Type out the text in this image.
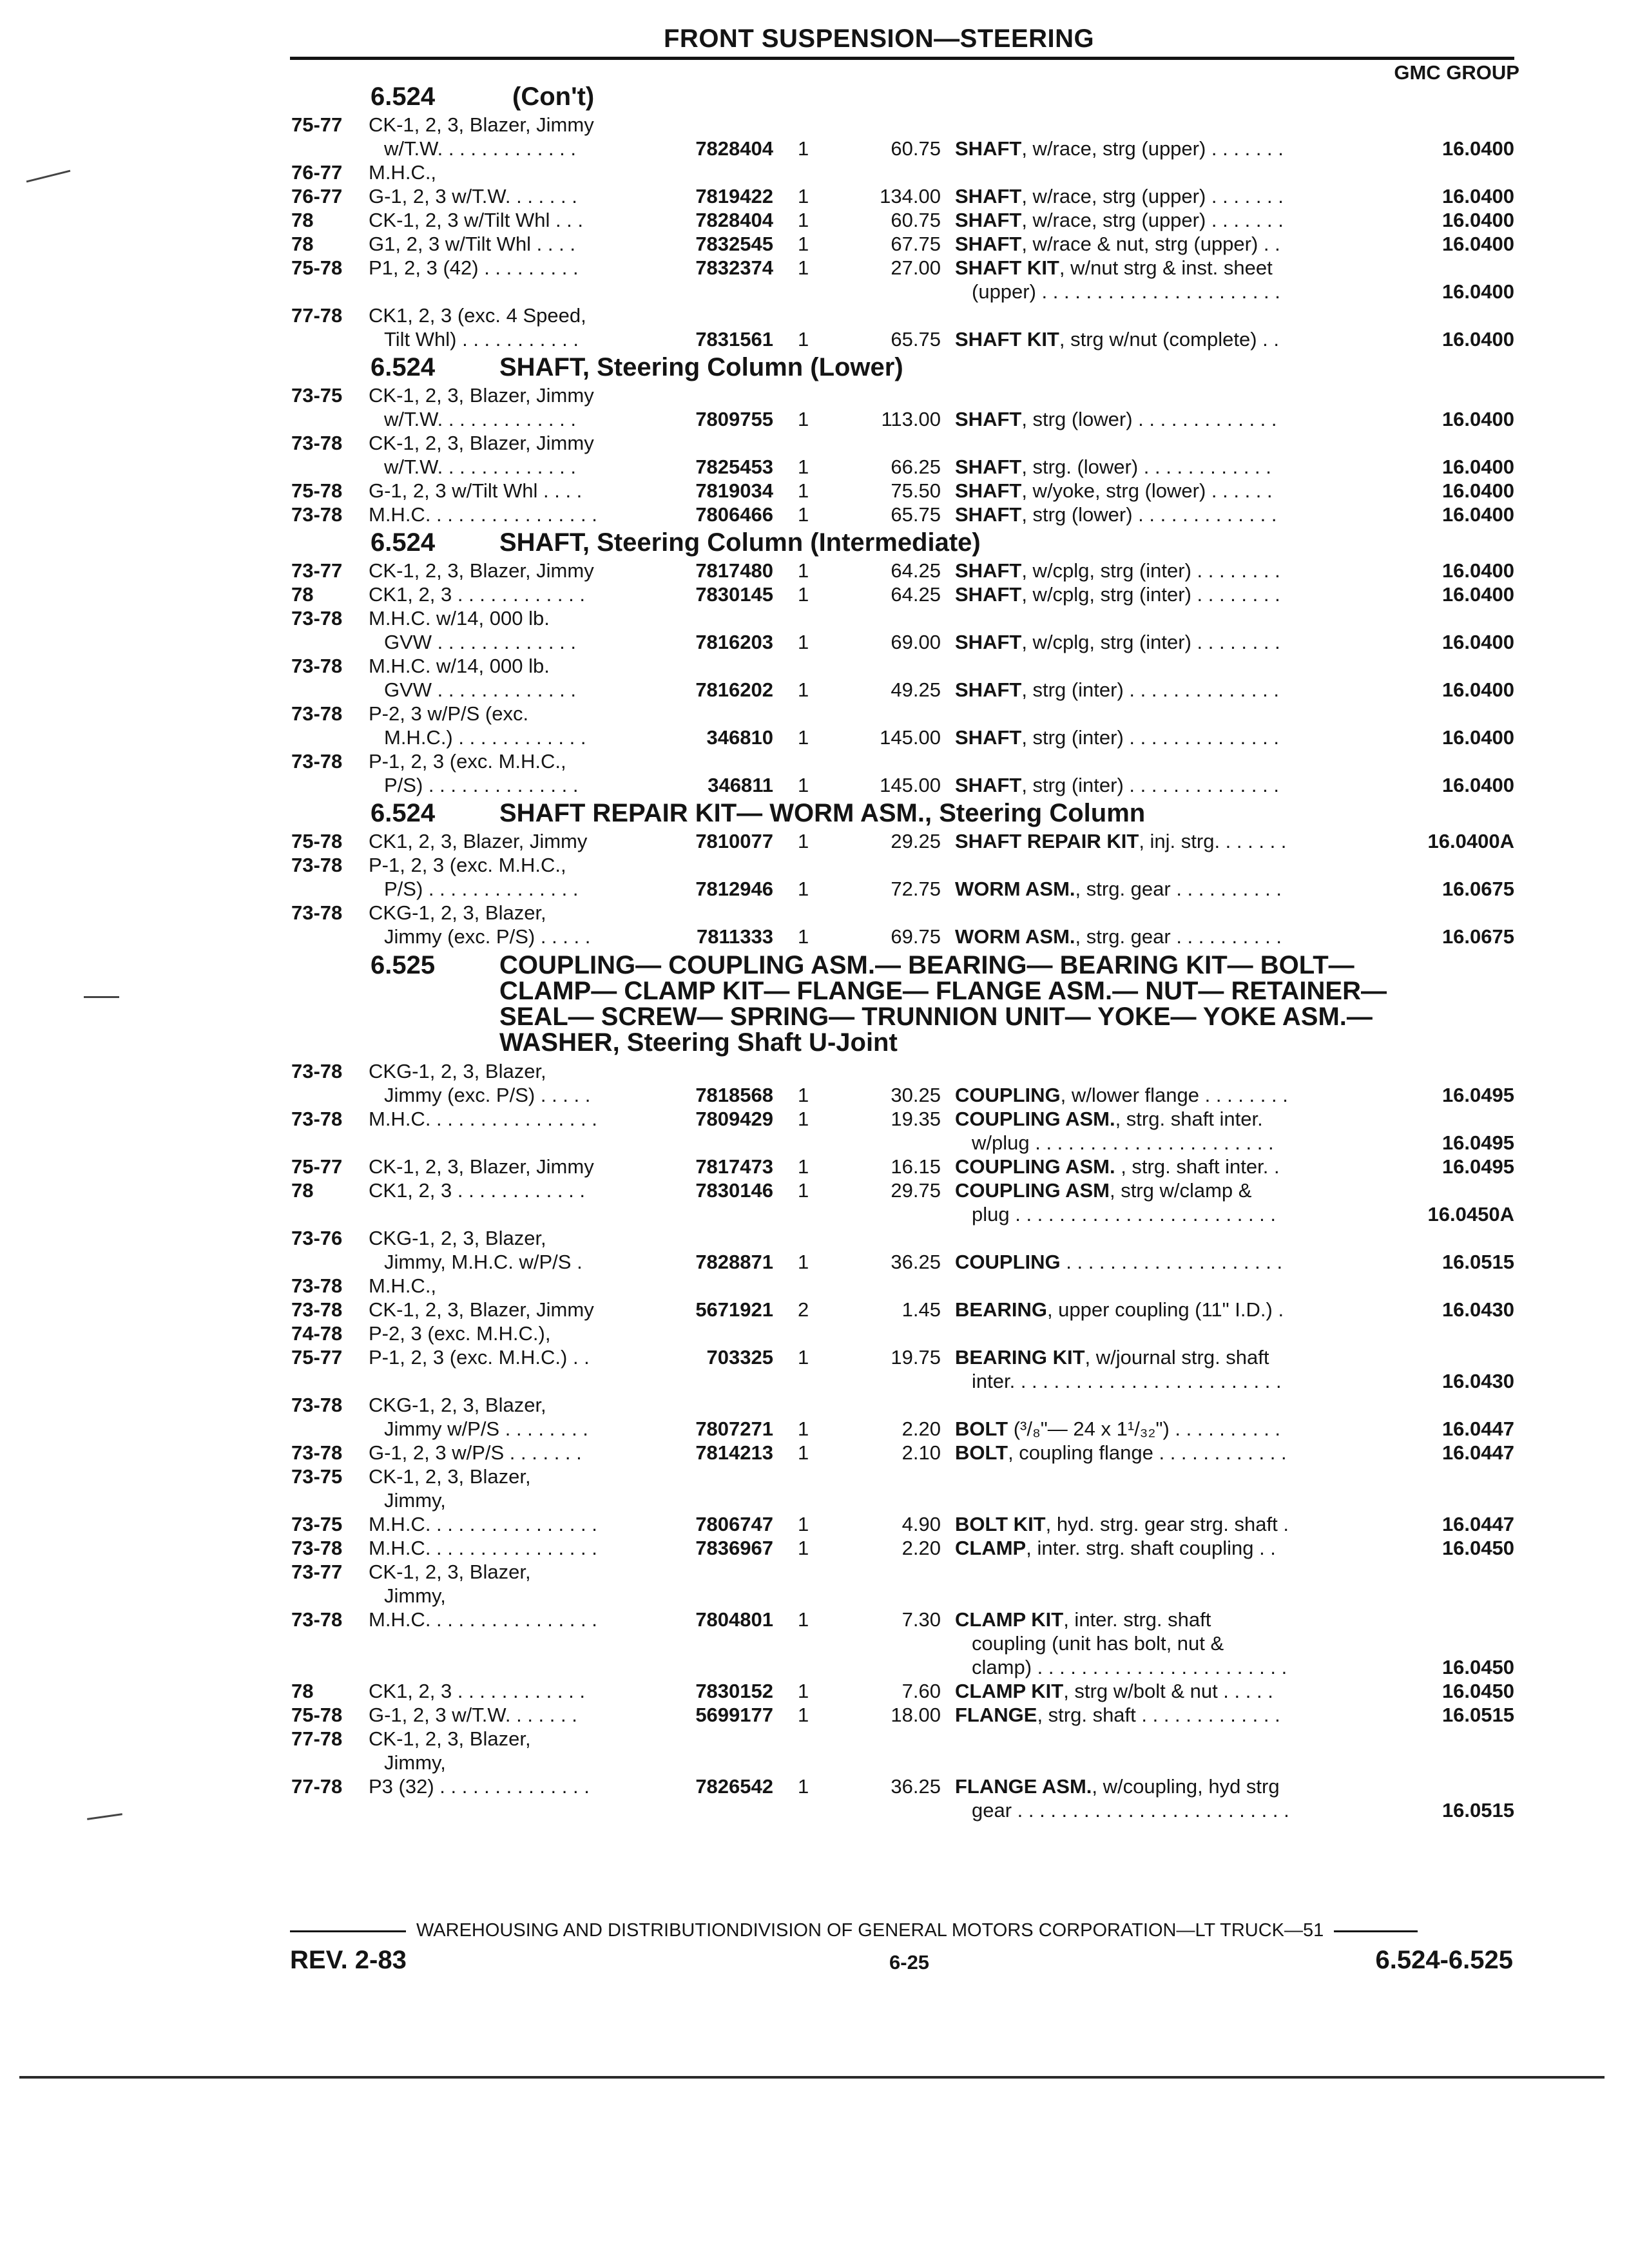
FRONT SUSPENSION—STEERING
GMC GROUP
6.524	(Con't)
75-77 CK-1, 2, 3, Blazer, Jimmy
w/T.W. . . . . . . . . . . . .	7828404 1	60.75 SHAFT, w/race, strg (upper) . . . . . . .	16.0400
76-77 M.H.C.,
76-77 G-1, 2, 3 w/T.W. . . . . . .	7819422 1	134.00 SHAFT, w/race, strg (upper) . . . . . . .	16.0400
78	CK-1, 2, 3 w/Tilt Whl . . .	7828404 1	60.75 SHAFT, w/race, strg (upper) . . . . . . .	16.0400
78	G1, 2, 3 w/Tilt Whl . . . .	7832545 1	67.75 SHAFT, w/race & nut, strg (upper) . .	16.0400
75-78 P1, 2, 3 (42) . . . . . . . . .	7832374 1	27.00 SHAFT KIT, w/nut strg & inst. sheet
(upper) . . . . . . . . . . . . . . . . . . . . . .	16.0400
77-78 CK1, 2, 3 (exc. 4 Speed,
Tilt Whl) . . . . . . . . . . .	7831561 1	65.75 SHAFT KIT, strg w/nut (complete) . .	16.0400
6.524 SHAFT, Steering Column (Lower)
73-75 CK-1, 2, 3, Blazer, Jimmy
w/T.W. . . . . . . . . . . . .	7809755 1	113.00 SHAFT, strg (lower) . . . . . . . . . . . . .	16.0400
73-78 CK-1, 2, 3, Blazer, Jimmy
w/T.W. . . . . . . . . . . . .	7825453 1	66.25 SHAFT, strg. (lower) . . . . . . . . . . . .	16.0400
75-78 G-1, 2, 3 w/Tilt Whl . . . .	7819034 1	75.50 SHAFT, w/yoke, strg (lower) . . . . . .	16.0400
73-78 M.H.C. . . . . . . . . . . . . . . .	7806466 1	65.75 SHAFT, strg (lower) . . . . . . . . . . . . .	16.0400
6.524 SHAFT, Steering Column (Intermediate)
73-77 CK-1, 2, 3, Blazer, Jimmy	7817480 1	64.25 SHAFT, w/cplg, strg (inter) . . . . . . . .	16.0400
78	CK1, 2, 3 . . . . . . . . . . . .	7830145 1	64.25 SHAFT, w/cplg, strg (inter) . . . . . . . .	16.0400
73-78 M.H.C. w/14, 000 lb.
GVW . . . . . . . . . . . . .	7816203 1	69.00 SHAFT, w/cplg, strg (inter) . . . . . . . .	16.0400
73-78 M.H.C. w/14, 000 lb.
GVW . . . . . . . . . . . . .	7816202 1	49.25 SHAFT, strg (inter) . . . . . . . . . . . . . .	16.0400
73-78 P-2, 3 w/P/S (exc.
M.H.C.) . . . . . . . . . . . .	346810 1	145.00 SHAFT, strg (inter) . . . . . . . . . . . . . .	16.0400
73-78 P-1, 2, 3 (exc. M.H.C.,
P/S) . . . . . . . . . . . . . .	346811 1	145.00 SHAFT, strg (inter) . . . . . . . . . . . . . .	16.0400
6.524 SHAFT REPAIR KIT— WORM ASM., Steering Column
75-78 CK1, 2, 3, Blazer, Jimmy	7810077 1	29.25 SHAFT REPAIR KIT, inj. strg. . . . . . .	16.0400A
73-78 P-1, 2, 3 (exc. M.H.C.,
P/S) . . . . . . . . . . . . . .	7812946 1	72.75 WORM ASM., strg. gear . . . . . . . . . .	16.0675
73-78 CKG-1, 2, 3, Blazer,
Jimmy (exc. P/S) . . . . .	7811333 1	69.75 WORM ASM., strg. gear . . . . . . . . . .	16.0675
6.525 COUPLING— COUPLING ASM.— BEARING— BEARING KIT— BOLT—
CLAMP— CLAMP KIT— FLANGE— FLANGE ASM.— NUT— RETAINER—
SEAL— SCREW— SPRING— TRUNNION UNIT— YOKE— YOKE ASM.—
WASHER, Steering Shaft U-Joint
73-78 CKG-1, 2, 3, Blazer,
Jimmy (exc. P/S) . . . . .	7818568 1	30.25 COUPLING, w/lower flange . . . . . . . .	16.0495
73-78 M.H.C. . . . . . . . . . . . . . . .	7809429 1	19.35 COUPLING ASM., strg. shaft inter.
w/plug . . . . . . . . . . . . . . . . . . . . . .	16.0495
75-77 CK-1, 2, 3, Blazer, Jimmy	7817473 1	16.15 COUPLING ASM. , strg. shaft inter. .	16.0495
78	CK1, 2, 3 . . . . . . . . . . . .	7830146 1	29.75 COUPLING ASM, strg w/clamp &
plug . . . . . . . . . . . . . . . . . . . . . . . .	16.0450A
73-76 CKG-1, 2, 3, Blazer,
Jimmy, M.H.C. w/P/S .	7828871 1	36.25 COUPLING . . . . . . . . . . . . . . . . . . . .	16.0515
73-78 M.H.C.,
73-78 CK-1, 2, 3, Blazer, Jimmy	5671921 2	1.45 BEARING, upper coupling (11" I.D.) .	16.0430
74-78 P-2, 3 (exc. M.H.C.),
75-77 P-1, 2, 3 (exc. M.H.C.) . .	703325 1	19.75 BEARING KIT, w/journal strg. shaft
inter. . . . . . . . . . . . . . . . . . . . . . . . .	16.0430
73-78 CKG-1, 2, 3, Blazer,
Jimmy w/P/S . . . . . . . .	7807271 1	2.20 BOLT (³/₈"— 24 x 1¹/₃₂") . . . . . . . . . .	16.0447
73-78 G-1, 2, 3 w/P/S . . . . . . .	7814213 1	2.10 BOLT, coupling flange . . . . . . . . . . . .	16.0447
73-75 CK-1, 2, 3, Blazer,
Jimmy,
73-75 M.H.C. . . . . . . . . . . . . . . .	7806747 1	4.90 BOLT KIT, hyd. strg. gear strg. shaft .	16.0447
73-78 M.H.C. . . . . . . . . . . . . . . .	7836967 1	2.20 CLAMP, inter. strg. shaft coupling . .	16.0450
73-77 CK-1, 2, 3, Blazer,
Jimmy,
73-78 M.H.C. . . . . . . . . . . . . . . .	7804801 1	7.30 CLAMP KIT, inter. strg. shaft
coupling (unit has bolt, nut &
clamp) . . . . . . . . . . . . . . . . . . . . . . .	16.0450
78	CK1, 2, 3 . . . . . . . . . . . .	7830152 1	7.60 CLAMP KIT, strg w/bolt & nut . . . . .	16.0450
75-78 G-1, 2, 3 w/T.W. . . . . . .	5699177 1	18.00 FLANGE, strg. shaft . . . . . . . . . . . . .	16.0515
77-78 CK-1, 2, 3, Blazer,
Jimmy,
77-78 P3 (32) . . . . . . . . . . . . . .	7826542 1	36.25 FLANGE ASM., w/coupling, hyd strg
gear . . . . . . . . . . . . . . . . . . . . . . . . .	16.0515
WAREHOUSING AND DISTRIBUTIONDIVISION OF GENERAL MOTORS CORPORATION—LT TRUCK—51
REV. 2-83	6-25	6.524-6.525
